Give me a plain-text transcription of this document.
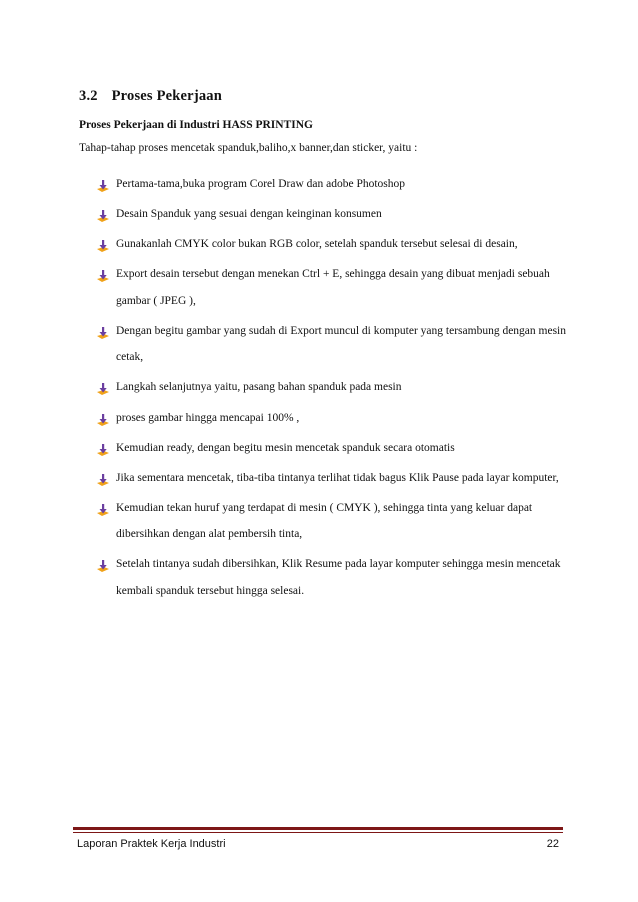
3.2 Proses Pekerjaan
Proses Pekerjaan di Industri HASS PRINTING
Tahap-tahap proses mencetak spanduk,baliho,x banner,dan sticker, yaitu :
Pertama-tama,buka program Corel Draw dan adobe Photoshop
Desain Spanduk yang sesuai dengan keinginan konsumen
Gunakanlah CMYK color bukan RGB color, setelah spanduk tersebut selesai di desain,
Export desain tersebut dengan menekan Ctrl + E, sehingga desain yang dibuat menjadi sebuah gambar ( JPEG ),
Dengan begitu gambar yang sudah di Export muncul di komputer yang tersambung dengan mesin cetak,
Langkah selanjutnya yaitu, pasang bahan spanduk pada mesin
proses gambar hingga mencapai 100% ,
Kemudian ready, dengan begitu mesin mencetak spanduk secara otomatis
Jika sementara mencetak, tiba-tiba tintanya terlihat tidak bagus Klik Pause pada layar komputer,
Kemudian tekan huruf yang terdapat di mesin ( CMYK ), sehingga tinta yang keluar dapat dibersihkan dengan alat pembersih tinta,
Setelah tintanya sudah dibersihkan, Klik Resume pada layar komputer sehingga mesin mencetak kembali spanduk tersebut hingga selesai.
Laporan Praktek Kerja Industri	22
